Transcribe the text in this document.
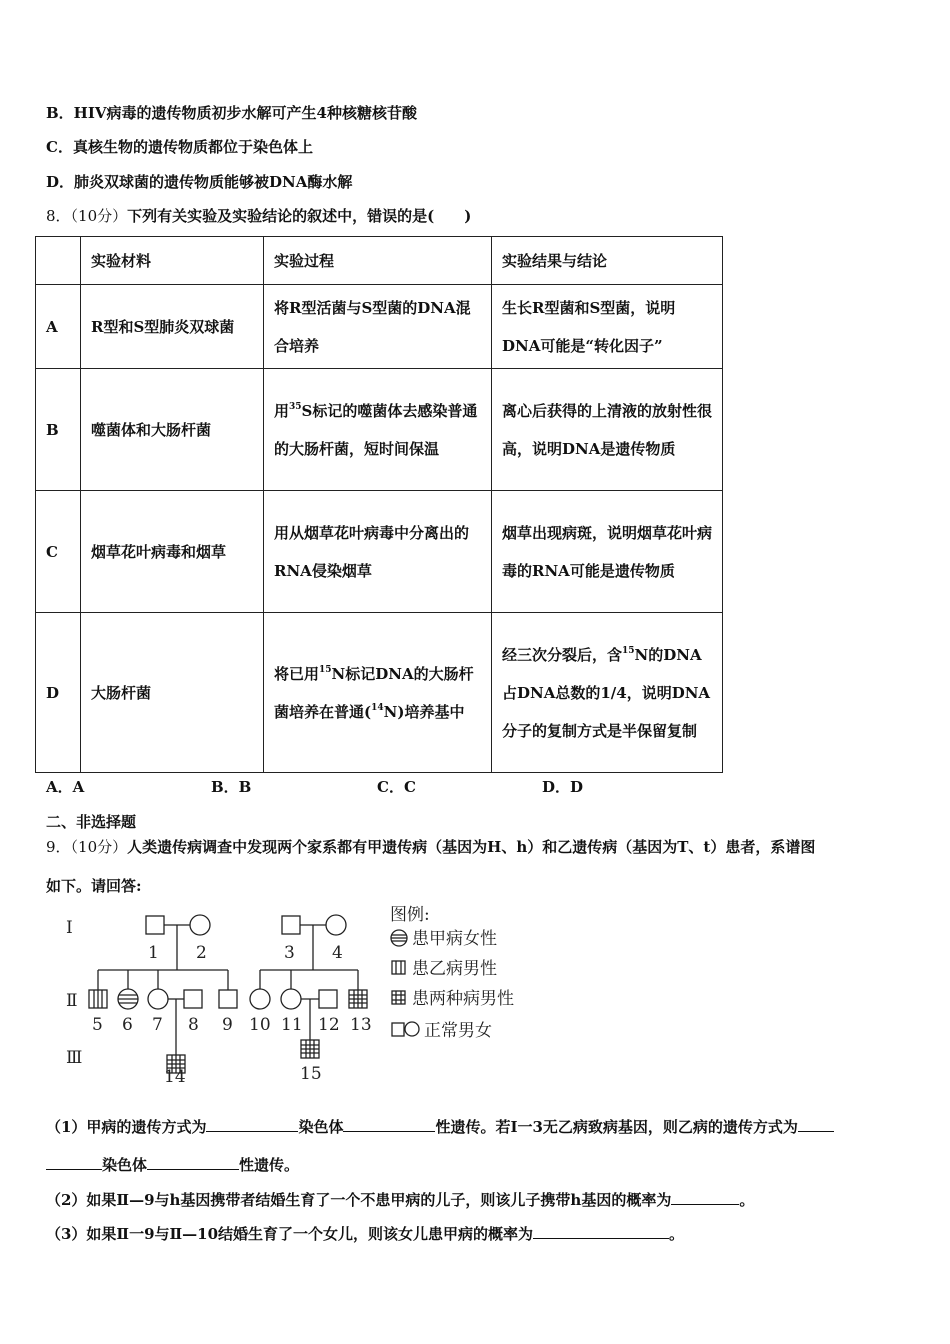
B．HIV病毒的遗传物质初步水解可产生4种核糖核苷酸
C．真核生物的遗传物质都位于染色体上
D．肺炎双球菌的遗传物质能够被DNA酶水解
8．（10分）下列有关实验及实验结论的叙述中，错误的是(　　)
	实验材料	实验过程	实验结果与结论
A	R型和S型肺炎双球菌	将R型活菌与S型菌的DNA混合培养	生长R型菌和S型菌，说明DNA可能是“转化因子”
B	噬菌体和大肠杆菌	用$^{35}$S标记的噬菌体去感染普通的大肠杆菌，短时间保温	离心后获得的上清液的放射性很高，说明DNA是遗传物质
C	烟草花叶病毒和烟草	用从烟草花叶病毒中分离出的RNA侵染烟草	烟草出现病斑，说明烟草花叶病毒的RNA可能是遗传物质
D	大肠杆菌	将已用$^{15}$N标记DNA的大肠杆菌培养在普通($^{14}$N)培养基中	经三次分裂后，含$^{15}$N的DNA占DNA总数的1/4，说明DNA分子的复制方式是半保留复制
A．A	B．B	C．C	D．D
二、非选择题
9．（10分）人类遗传病调查中发现两个家系都有甲遗传病（基因为H、h）和乙遗传病（基因为T、t）患者，系谱图
如下。请回答:
Ⅰ
Ⅱ
Ⅲ
1 2	3 4
5 6 7 8 9 10 11 12 13
14	15
图例:
患甲病女性
患乙病男性
患两种病男性
正常男女
（1）甲病的遗传方式为	染色体	性遗传。若Ⅰ一3无乙病致病基因，则乙病的遗传方式为
染色体	性遗传。
（2）如果Ⅱ—9与h基因携带者结婚生育了一个不患甲病的儿子，则该儿子携带h基因的概率为	。
（3）如果Ⅱ一9与Ⅱ—10结婚生育了一个女儿，则该女儿患甲病的概率为	。
